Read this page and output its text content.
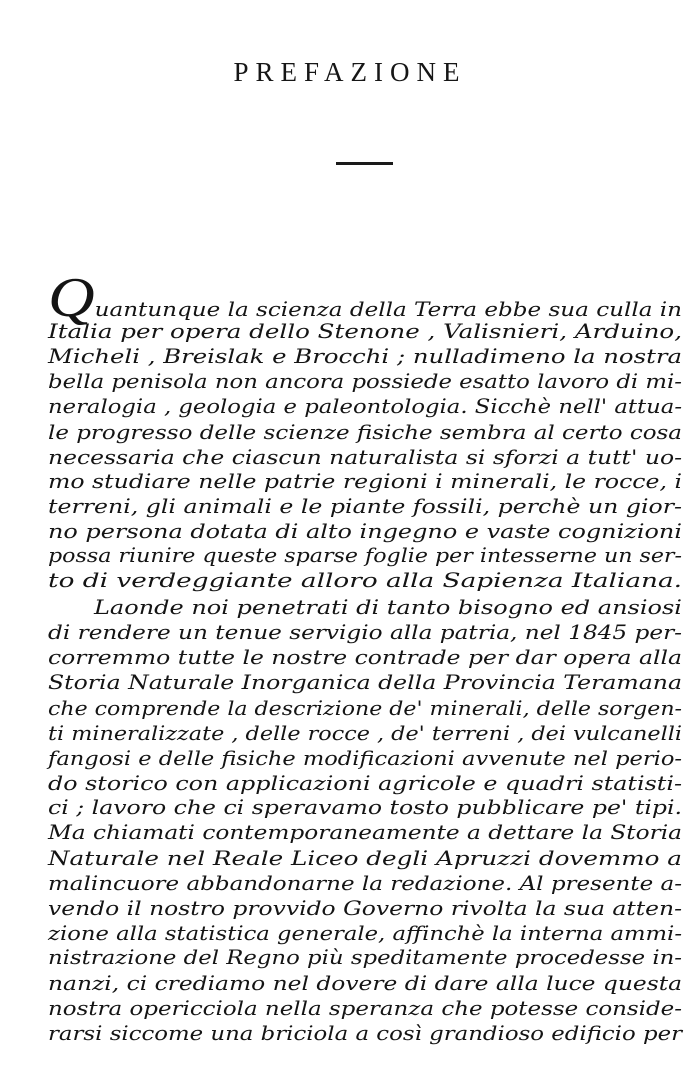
PREFAZIONE
Quantunque la scienza della Terra ebbe sua culla in
Italia per opera dello Stenone , Valisnieri, Arduino,
Micheli , Breislak e Brocchi ; nulladimeno la nostra
bella penisola non ancora possiede esatto lavoro di mi-
neralogia , geologia e paleontologia. Sicchè nell' attua-
le progresso delle scienze fisiche sembra al certo cosa
necessaria che ciascun naturalista si sforzi a tutt' uo-
mo studiare nelle patrie regioni i minerali, le rocce, i
terreni, gli animali e le piante fossili, perchè un gior-
no persona dotata di alto ingegno e vaste cognizioni
possa riunire queste sparse foglie per intesserne un ser-
to di verdeggiante alloro alla Sapienza Italiana.
Laonde noi penetrati di tanto bisogno ed ansiosi
di rendere un tenue servigio alla patria, nel 1845 per-
corremmo tutte le nostre contrade per dar opera alla
Storia Naturale Inorganica della Provincia Teramana
che comprende la descrizione de' minerali, delle sorgen-
ti mineralizzate , delle rocce , de' terreni , dei vulcanelli
fangosi e delle fisiche modificazioni avvenute nel perio-
do storico con applicazioni agricole e quadri statisti-
ci ; lavoro che ci speravamo tosto pubblicare pe' tipi.
Ma chiamati contemporaneamente a dettare la Storia
Naturale nel Reale Liceo degli Apruzzi dovemmo a
malincuore abbandonarne la redazione. Al presente a-
vendo il nostro provvido Governo rivolta la sua atten-
zione alla statistica generale, affinchè la interna ammi-
nistrazione del Regno più speditamente procedesse in-
nanzi, ci crediamo nel dovere di dare alla luce questa
nostra opericciola nella speranza che potesse conside-
rarsi siccome una briciola a così grandioso edificio per
